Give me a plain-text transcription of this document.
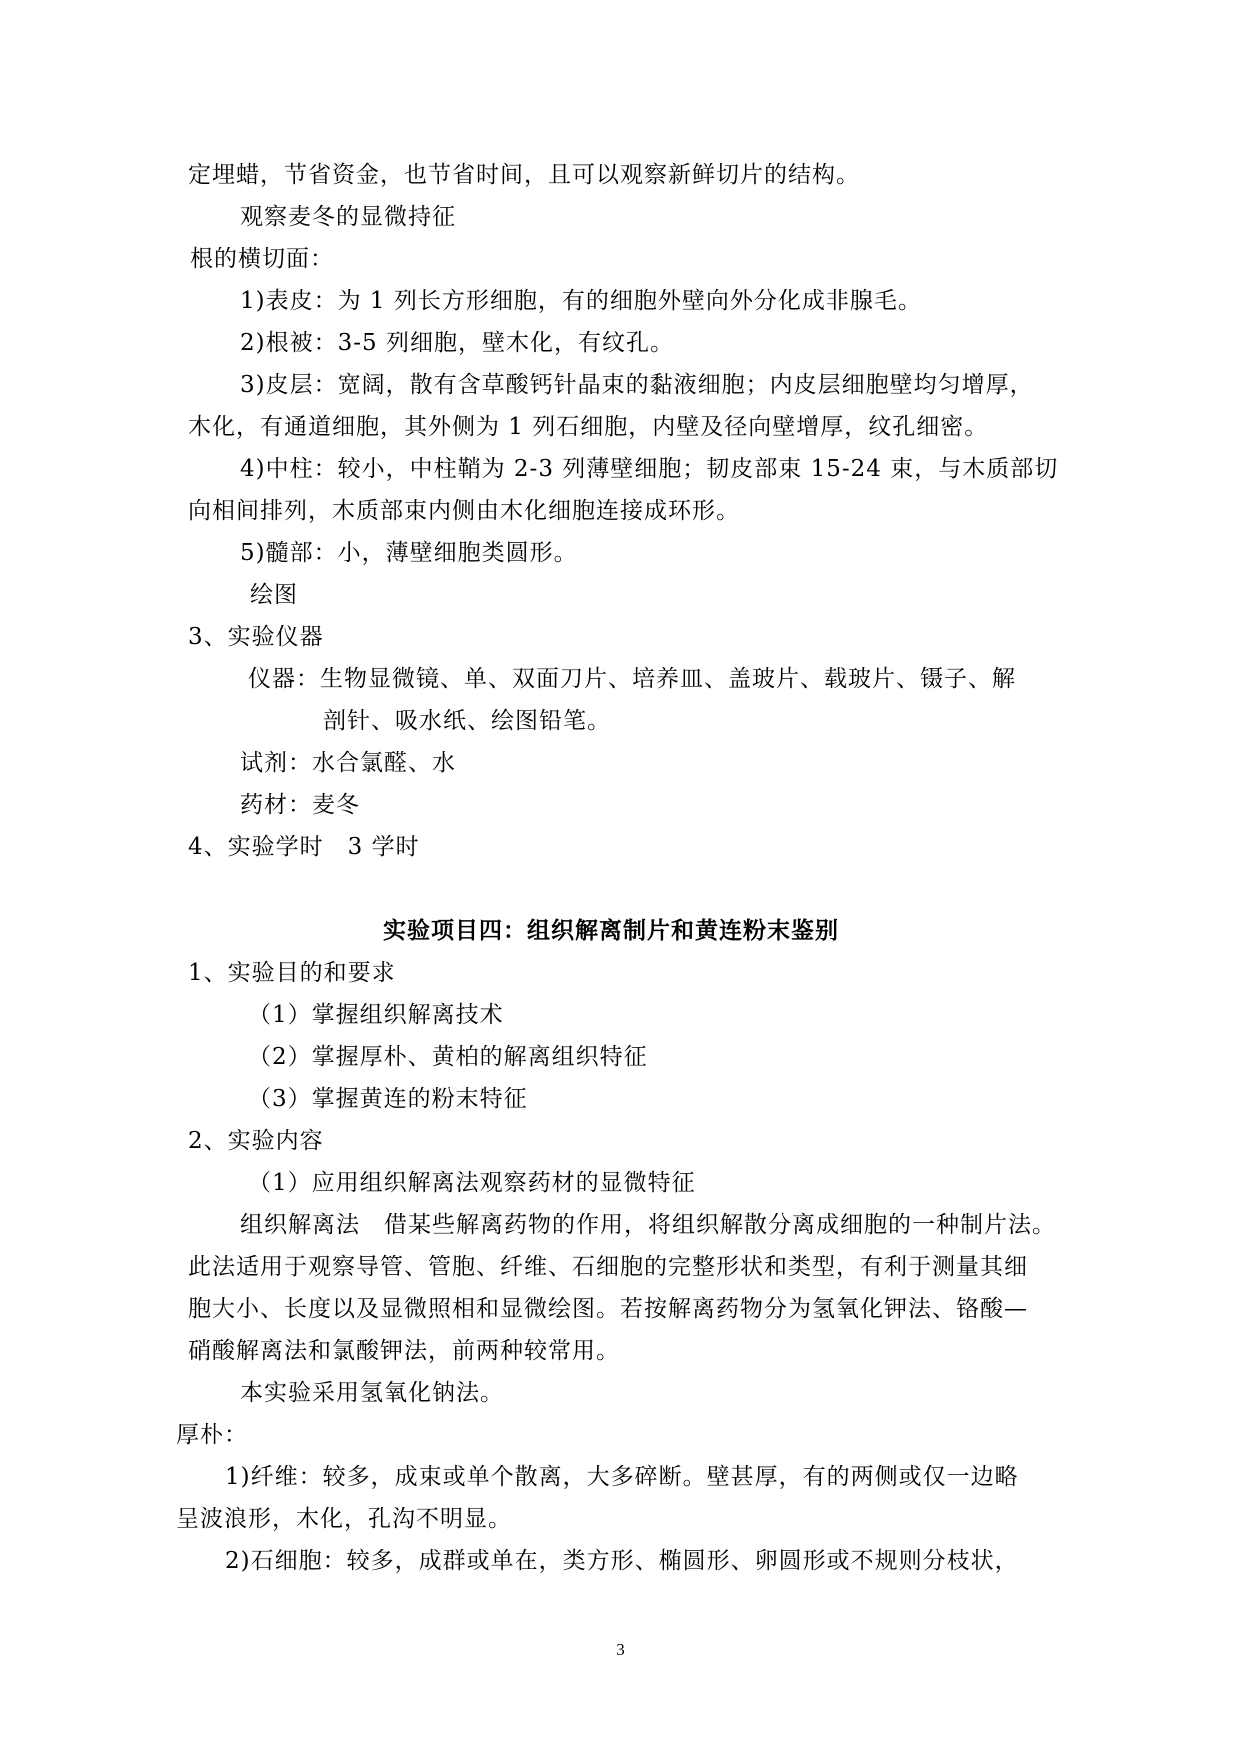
定埋蜡，节省资金，也节省时间，且可以观察新鲜切片的结构。
观察麦冬的显微持征
根的横切面：
1)表皮：为 1 列长方形细胞，有的细胞外壁向外分化成非腺毛。
2)根被：3-5 列细胞，壁木化，有纹孔。
3)皮层：宽阔，散有含草酸钙针晶束的黏液细胞；内皮层细胞壁均匀增厚，
木化，有通道细胞，其外侧为 1 列石细胞，内壁及径向壁增厚，纹孔细密。
4)中柱：较小，中柱鞘为 2-3 列薄壁细胞；韧皮部束 15-24 束，与木质部切
向相间排列，木质部束内侧由木化细胞连接成环形。
5)髓部：小，薄壁细胞类圆形。
绘图
3、实验仪器
仪器：生物显微镜、单、双面刀片、培养皿、盖玻片、载玻片、镊子、解
剖针、吸水纸、绘图铅笔。
试剂：水合氯醛、水
药材：麦冬
4、实验学时　3 学时
实验项目四：组织解离制片和黄连粉末鉴别
1、实验目的和要求
（1）掌握组织解离技术
（2）掌握厚朴、黄柏的解离组织特征
（3）掌握黄连的粉末特征
2、实验内容
（1）应用组织解离法观察药材的显微特征
组织解离法　借某些解离药物的作用，将组织解散分离成细胞的一种制片法。
此法适用于观察导管、管胞、纤维、石细胞的完整形状和类型，有利于测量其细
胞大小、长度以及显微照相和显微绘图。若按解离药物分为氢氧化钾法、铬酸—
硝酸解离法和氯酸钾法，前两种较常用。
本实验采用氢氧化钠法。
厚朴：
1)纤维：较多，成束或单个散离，大多碎断。壁甚厚，有的两侧或仅一边略
呈波浪形，木化，孔沟不明显。
2)石细胞：较多，成群或单在，类方形、椭圆形、卵圆形或不规则分枝状，
3
